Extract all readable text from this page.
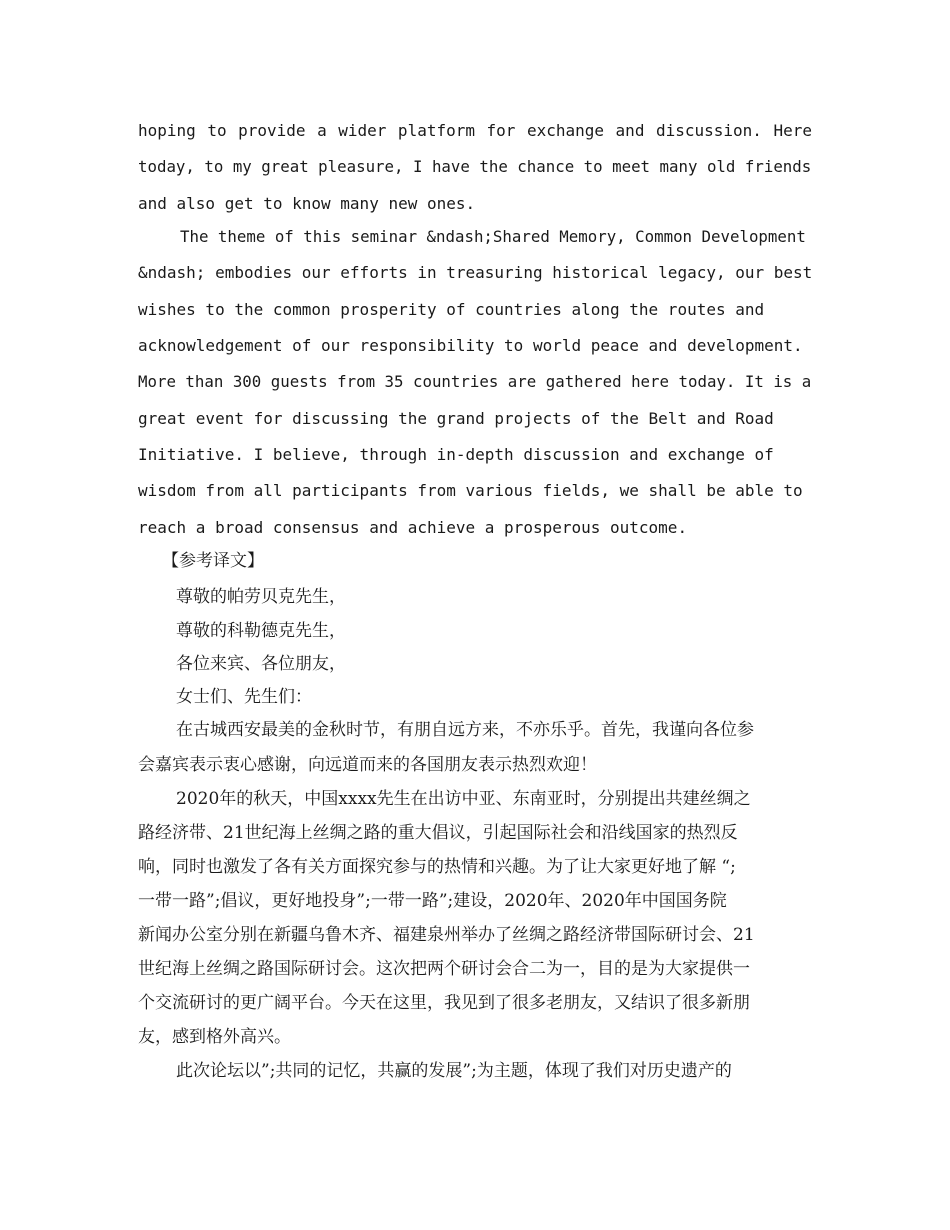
hoping to provide a wider platform for exchange and discussion. Here
today, to my great pleasure, I have the chance to meet many old friends
and also get to know many new ones.
The theme of this seminar &ndash;Shared Memory, Common Development
&ndash; embodies our efforts in treasuring historical legacy, our best
wishes to the common prosperity of countries along the routes and
acknowledgement of our responsibility to world peace and development.
More than 300 guests from 35 countries are gathered here today. It is a
great event for discussing the grand projects of the Belt and Road
Initiative. I believe, through in-depth discussion and exchange of
wisdom from all participants from various fields, we shall be able to
reach a broad consensus and achieve a prosperous outcome.
【参考译文】
尊敬的帕劳贝克先生，
尊敬的科勒德克先生，
各位来宾、各位朋友，
女士们、先生们：
在古城西安最美的金秋时节，有朋自远方来，不亦乐乎。首先，我谨向各位参
会嘉宾表示衷心感谢，向远道而来的各国朋友表示热烈欢迎！
2020年的秋天，中国xxxx先生在出访中亚、东南亚时，分别提出共建丝绸之
路经济带、21世纪海上丝绸之路的重大倡议，引起国际社会和沿线国家的热烈反
响，同时也激发了各有关方面探究参与的热情和兴趣。为了让大家更好地了解 “;
一带一路”;倡议，更好地投身”;一带一路”;建设，2020年、2020年中国国务院
新闻办公室分别在新疆乌鲁木齐、福建泉州举办了丝绸之路经济带国际研讨会、21
世纪海上丝绸之路国际研讨会。这次把两个研讨会合二为一，目的是为大家提供一
个交流研讨的更广阔平台。今天在这里，我见到了很多老朋友，又结识了很多新朋
友，感到格外高兴。
此次论坛以”;共同的记忆，共赢的发展”;为主题，体现了我们对历史遗产的
